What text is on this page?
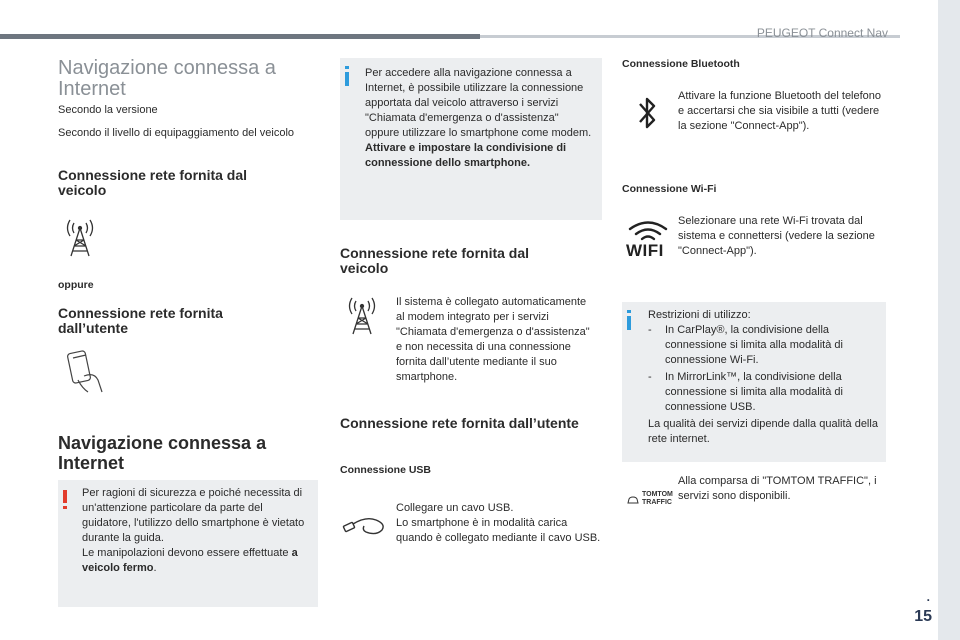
PEUGEOT Connect Nav
.
15
Navigazione connessa a Internet
Secondo la versione
Secondo il livello di equipaggiamento del veicolo
Connessione rete fornita dal veicolo
oppure
Connessione rete fornita dall’utente
Navigazione connessa a Internet
Per ragioni di sicurezza e poiché necessita di un'attenzione particolare da parte del guidatore, l'utilizzo dello smartphone è vietato durante la guida.
Le manipolazioni devono essere effettuate a veicolo fermo.
Per accedere alla navigazione connessa a Internet, è possibile utilizzare la connessione apportata dal veicolo attraverso i servizi "Chiamata d'emergenza o d'assistenza" oppure utilizzare lo smartphone come modem.
Attivare e impostare la condivisione di connessione dello smartphone.
Connessione rete fornita dal veicolo
Il sistema è collegato automaticamente al modem integrato per i servizi "Chiamata d'emergenza o d'assistenza" e non necessita di una connessione fornita dall’utente mediante il suo smartphone.
Connessione rete fornita dall’utente
Connessione USB
Collegare un cavo USB.
Lo smartphone è in modalità carica quando è collegato mediante il cavo USB.
Connessione Bluetooth
Attivare la funzione Bluetooth del telefono e accertarsi che sia visibile a tutti (vedere la sezione "Connect-App").
Connessione Wi-Fi
WIFI
Selezionare una rete Wi-Fi trovata dal sistema e connettersi (vedere la sezione "Connect-App").
Restrizioni di utilizzo:
- In CarPlay®, la condivisione della connessione si limita alla modalità di connessione Wi-Fi.
- In MirrorLink™, la condivisione della connessione si limita alla modalità di connessione USB.
La qualità dei servizi dipende dalla qualità della rete internet.
TOMTOM
TRAFFIC
Alla comparsa di "TOMTOM TRAFFIC", i servizi sono disponibili.
